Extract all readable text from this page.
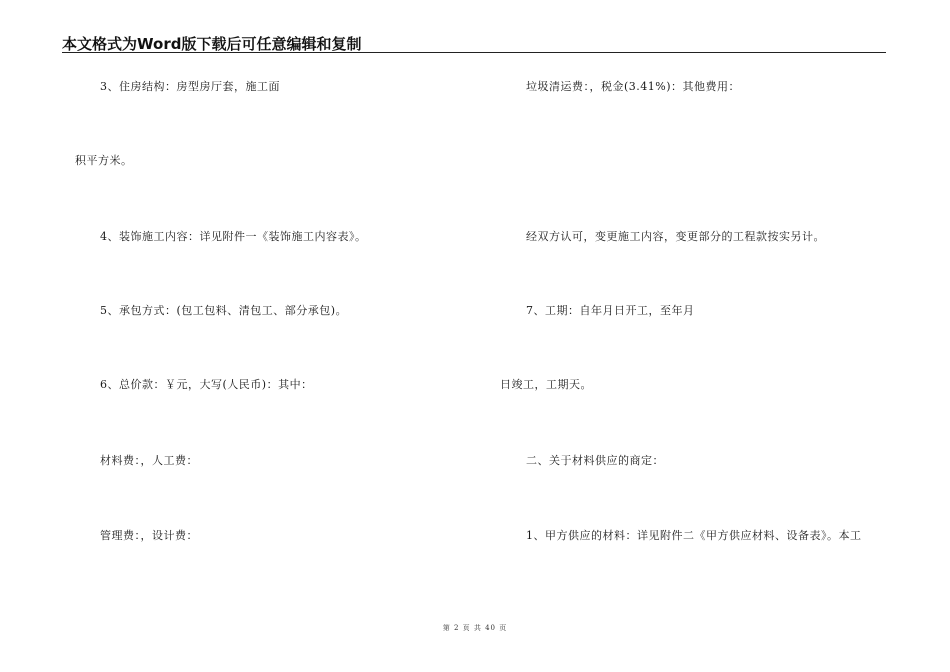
本文格式为Word版下载后可任意编辑和复制
3、住房结构：房型房厅套，施工面
积平方米。
4、装饰施工内容：详见附件一《装饰施工内容表》。
5、承包方式：(包工包料、清包工、部分承包)。
6、总价款：￥元，大写(人民币)：其中：
材料费：，人工费：
管理费：，设计费：
垃圾清运费：，税金(3.41%)：其他费用：
经双方认可，变更施工内容，变更部分的工程款按实另计。
7、工期：自年月日开工，至年月
日竣工，工期天。
二、关于材料供应的商定：
1、甲方供应的材料：详见附件二《甲方供应材料、设备表》。本工
第 2 页 共 40 页
